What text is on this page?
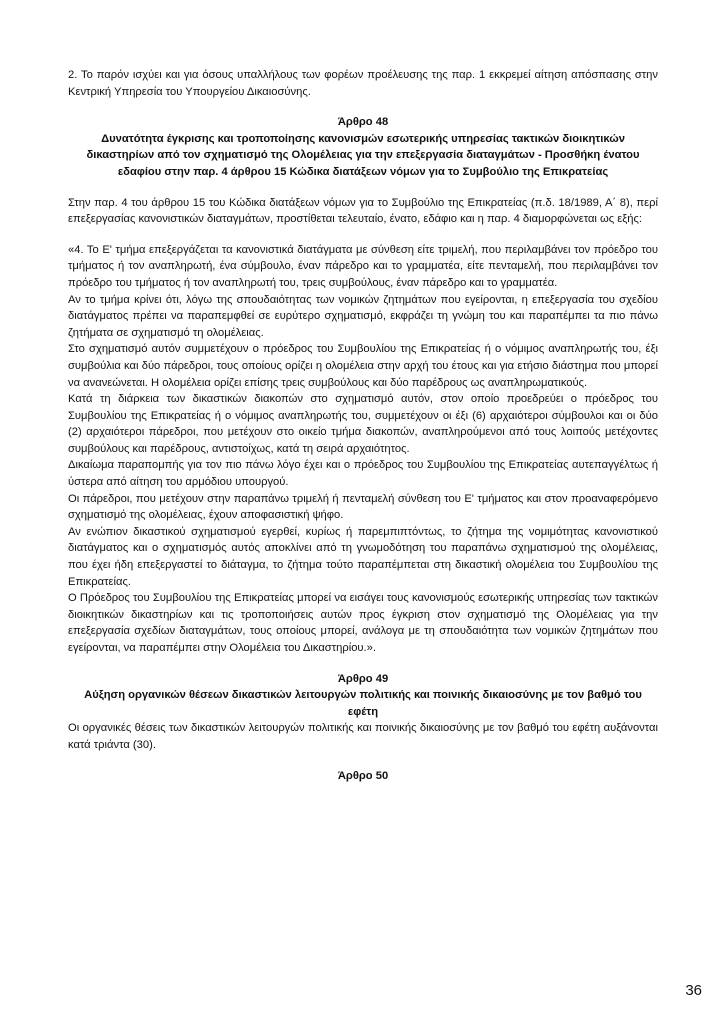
2. Το παρόν ισχύει και για όσους υπαλλήλους των φορέων προέλευσης της παρ. 1 εκκρεμεί αίτηση απόσπασης στην Κεντρική Υπηρεσία του Υπουργείου Δικαιοσύνης.

Άρθρο 48

Δυνατότητα έγκρισης και τροποποίησης κανονισμών εσωτερικής υπηρεσίας τακτικών διοικητικών δικαστηρίων από τον σχηματισμό της Ολομέλειας για την επεξεργασία διαταγμάτων - Προσθήκη ένατου εδαφίου στην παρ. 4 άρθρου 15 Κώδικα διατάξεων νόμων για το Συμβούλιο της Επικρατείας

Στην παρ. 4 του άρθρου 15 του Κώδικα διατάξεων νόμων για το Συμβούλιο της Επικρατείας (π.δ. 18/1989, Α΄ 8), περί επεξεργασίας κανονιστικών διαταγμάτων, προστίθεται τελευταίο, ένατο, εδάφιο και η παρ. 4 διαμορφώνεται ως εξής:

«4. Το Ε' τμήμα επεξεργάζεται τα κανονιστικά διατάγματα με σύνθεση είτε τριμελή, που περιλαμβάνει τον πρόεδρο του τμήματος ή τον αναπληρωτή, ένα σύμβουλο, έναν πάρεδρο και το γραμματέα, είτε πενταμελή, που περιλαμβάνει τον πρόεδρο του τμήματος ή τον αναπληρωτή του, τρεις συμβούλους, έναν πάρεδρο και το γραμματέα.

Αν το τμήμα κρίνει ότι, λόγω της σπουδαιότητας των νομικών ζητημάτων που εγείρονται, η επεξεργασία του σχεδίου διατάγματος πρέπει να παραπεμφθεί σε ευρύτερο σχηματισμό, εκφράζει τη γνώμη του και παραπέμπει τα πιο πάνω ζητήματα σε σχηματισμό τη ολομέλειας.

Στο σχηματισμό αυτόν συμμετέχουν ο πρόεδρος του Συμβουλίου της Επικρατείας ή ο νόμιμος αναπληρωτής του, έξι συμβούλια και δύο πάρεδροι, τους οποίους ορίζει η ολομέλεια στην αρχή του έτους και για ετήσιο διάστημα που μπορεί να ανανεώνεται. Η ολομέλεια ορίζει επίσης τρεις συμβούλους και δύο παρέδρους ως αναπληρωματικούς.

Κατά τη διάρκεια των δικαστικών διακοπών στο σχηματισμό αυτόν, στον οποίο προεδρεύει ο πρόεδρος του Συμβουλίου της Επικρατείας ή ο νόμιμος αναπληρωτής του, συμμετέχουν οι έξι (6) αρχαιότεροι σύμβουλοι και οι δύο (2) αρχαιότεροι πάρεδροι, που μετέχουν στο οικείο τμήμα διακοπών, αναπληρούμενοι από τους λοιπούς μετέχοντες συμβούλους και παρέδρους, αντιστοίχως, κατά τη σειρά αρχαιότητος.

Δικαίωμα παραπομπής για τον πιο πάνω λόγο έχει και ο πρόεδρος του Συμβουλίου της Επικρατείας αυτεπαγγέλτως ή ύστερα από αίτηση του αρμόδιου υπουργού.

Οι πάρεδροι, που μετέχουν στην παραπάνω τριμελή ή πενταμελή σύνθεση του Ε' τμήματος και στον προαναφερόμενο σχηματισμό της ολομέλειας, έχουν αποφασιστική ψήφο.

Αν ενώπιον δικαστικού σχηματισμού εγερθεί, κυρίως ή παρεμπιπτόντως, το ζήτημα της νομιμότητας κανονιστικού διατάγματος και ο σχηματισμός αυτός αποκλίνει από τη γνωμοδότηση του παραπάνω σχηματισμού της ολομέλειας, που έχει ήδη επεξεργαστεί το διάταγμα, το ζήτημα τούτο παραπέμπεται στη δικαστική ολομέλεια του Συμβουλίου της Επικρατείας.

Ο Πρόεδρος του Συμβουλίου της Επικρατείας μπορεί να εισάγει τους κανονισμούς εσωτερικής υπηρεσίας των τακτικών διοικητικών δικαστηρίων και τις τροποποιήσεις αυτών προς έγκριση στον σχηματισμό της Ολομέλειας για την επεξεργασία σχεδίων διαταγμάτων, τους οποίους μπορεί, ανάλογα με τη σπουδαιότητα των νομικών ζητημάτων που εγείρονται, να παραπέμπει στην Ολομέλεια του Δικαστηρίου.».

Άρθρο 49

Αύξηση οργανικών θέσεων δικαστικών λειτουργών πολιτικής και ποινικής δικαιοσύνης με τον βαθμό του εφέτη

Οι οργανικές θέσεις των δικαστικών λειτουργών πολιτικής και ποινικής δικαιοσύνης με τον βαθμό του εφέτη αυξάνονται κατά τριάντα (30).

Άρθρο 50

36
